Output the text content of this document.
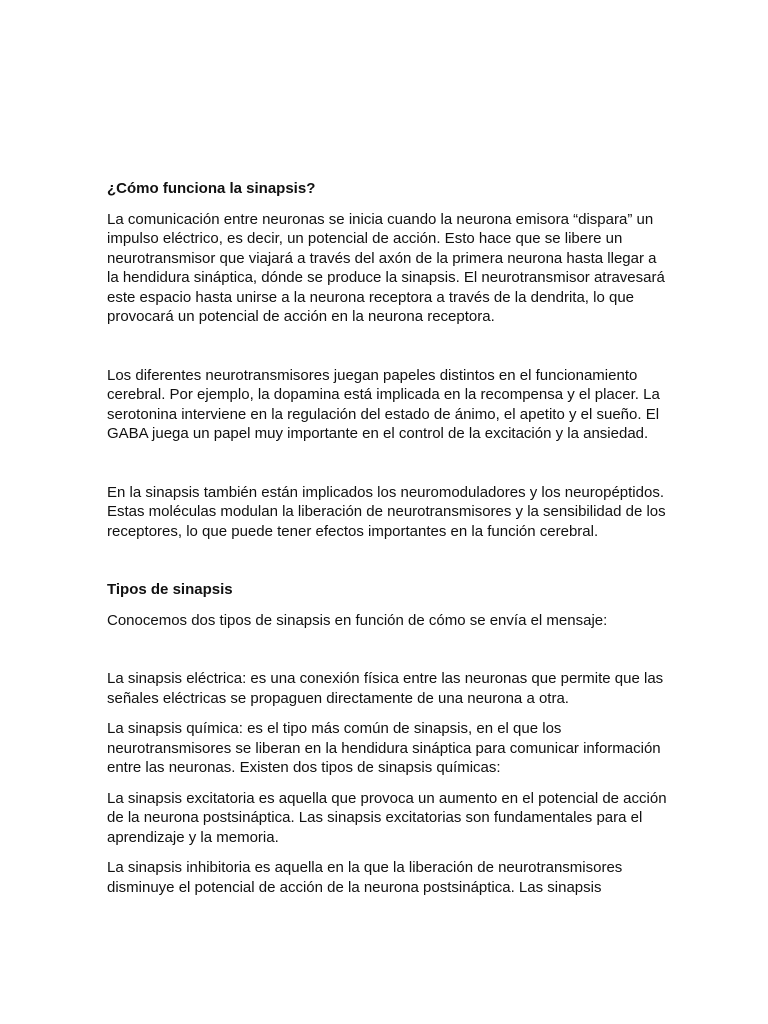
¿Cómo funciona la sinapsis?

La comunicación entre neuronas se inicia cuando la neurona emisora “dispara” un impulso eléctrico, es decir, un potencial de acción. Esto hace que se libere un neurotransmisor que viajará a través del axón de la primera neurona hasta llegar a la hendidura sináptica, dónde se produce la sinapsis. El neurotransmisor atravesará este espacio hasta unirse a la neurona receptora a través de la dendrita, lo que provocará un potencial de acción en la neurona receptora.

Los diferentes neurotransmisores juegan papeles distintos en el funcionamiento cerebral. Por ejemplo, la dopamina está implicada en la recompensa y el placer. La serotonina interviene en la regulación del estado de ánimo, el apetito y el sueño. El GABA juega un papel muy importante en el control de la excitación y la ansiedad.

En la sinapsis también están implicados los neuromoduladores y los neuropéptidos. Estas moléculas modulan la liberación de neurotransmisores y la sensibilidad de los receptores, lo que puede tener efectos importantes en la función cerebral.

Tipos de sinapsis

Conocemos dos tipos de sinapsis en función de cómo se envía el mensaje:

La sinapsis eléctrica: es una conexión física entre las neuronas que permite que las señales eléctricas se propaguen directamente de una neurona a otra.

La sinapsis química: es el tipo más común de sinapsis, en el que los neurotransmisores se liberan en la hendidura sináptica para comunicar información entre las neuronas. Existen dos tipos de sinapsis químicas:

La sinapsis excitatoria es aquella que provoca un aumento en el potencial de acción de la neurona postsináptica. Las sinapsis excitatorias son fundamentales para el aprendizaje y la memoria.

La sinapsis inhibitoria es aquella en la que la liberación de neurotransmisores disminuye el potencial de acción de la neurona postsináptica. Las sinapsis
